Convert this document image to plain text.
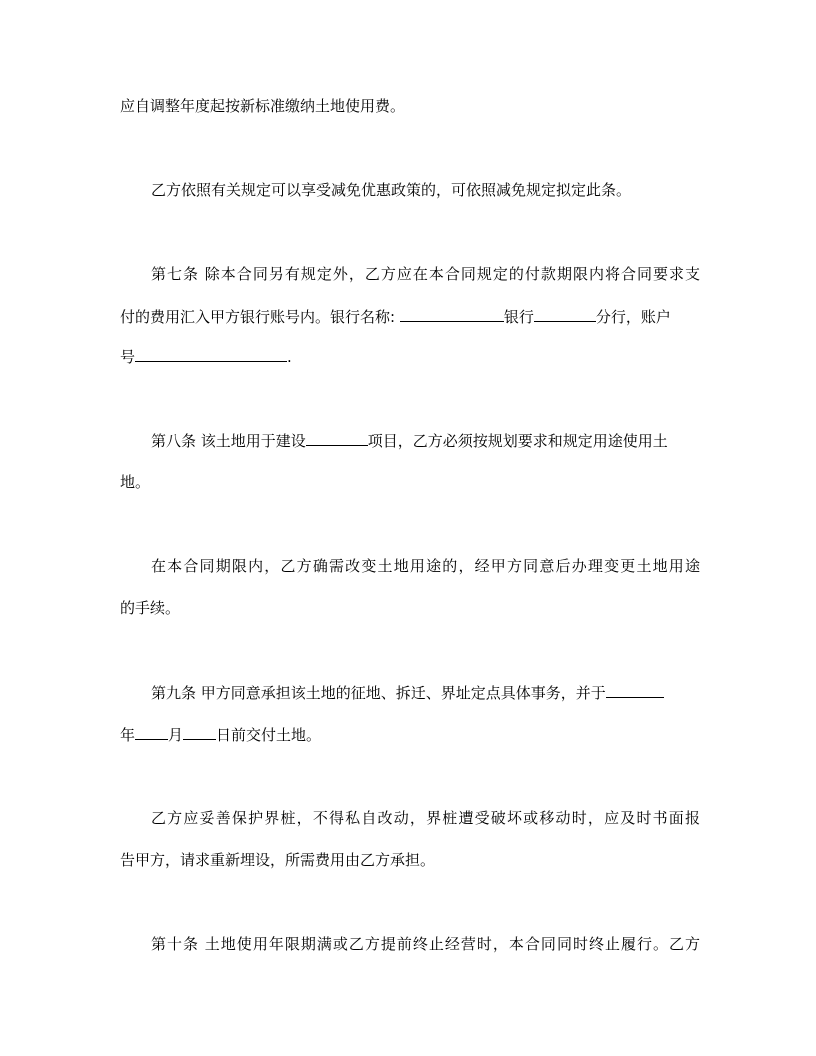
应自调整年度起按新标准缴纳土地使用费。
乙方依照有关规定可以享受减免优惠政策的，可依照减免规定拟定此条。
第七条 除本合同另有规定外，乙方应在本合同规定的付款期限内将合同要求支
付的费用汇入甲方银行账号内。银行名称:	银行	分行，账户
号	.
第八条 该土地用于建设	项目，乙方必须按规划要求和规定用途使用土
地。
在本合同期限内，乙方确需改变土地用途的，经甲方同意后办理变更土地用途
的手续。
第九条 甲方同意承担该土地的征地、拆迁、界址定点具体事务，并于
年 月 日前交付土地。
乙方应妥善保护界桩，不得私自改动，界桩遭受破坏或移动时，应及时书面报
告甲方，请求重新埋设，所需费用由乙方承担。
第十条 土地使用年限期满或乙方提前终止经营时，本合同同时终止履行。乙方
